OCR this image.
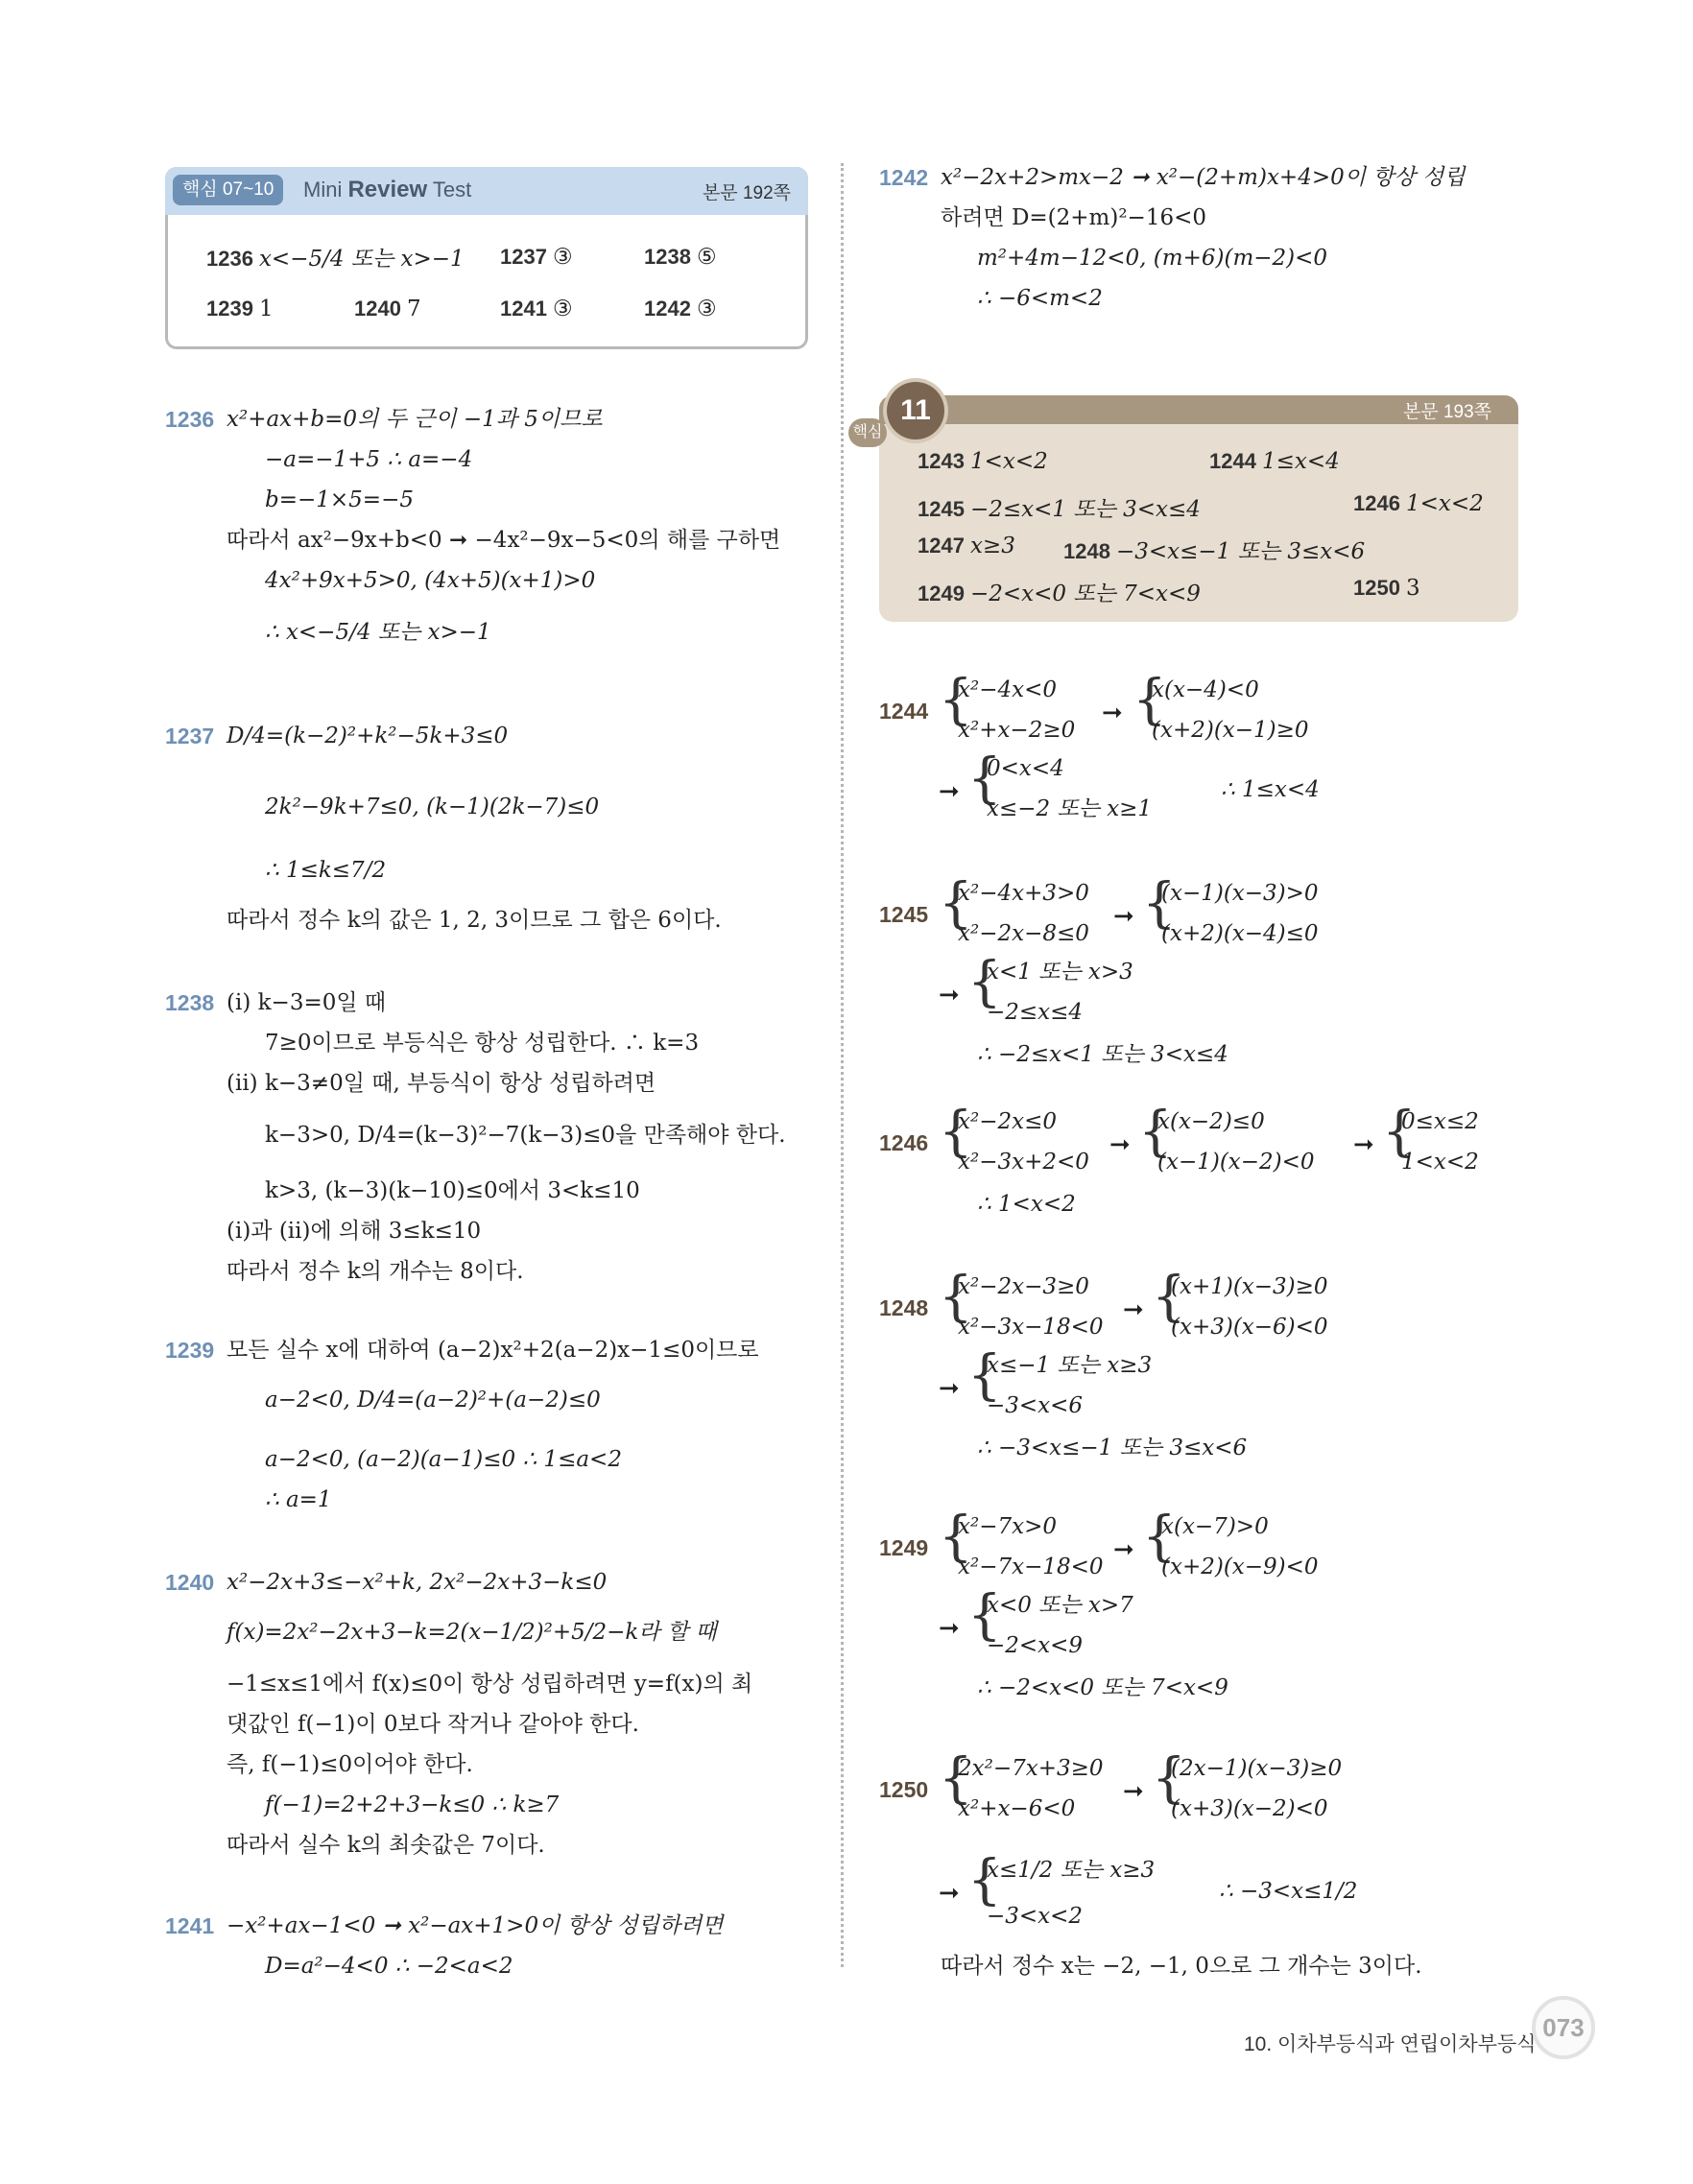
핵심 07~10	Mini Review Test	본문 192쪽
1236 x<−5/4 또는 x>−1 1237 ③	1238 ⑤
1239 1	1240 7	1241 ③	1242 ③
1236 x²+ax+b=0의 두 근이 −1과 5이므로
−a=−1+5 ∴ a=−4
b=−1×5=−5
따라서 ax²−9x+b<0 ➞ −4x²−9x−5<0의 해를 구하면
4x²+9x+5>0, (4x+5)(x+1)>0
∴ x<−5/4 또는 x>−1
1237 D/4=(k−2)²+k²−5k+3≤0
2k²−9k+7≤0, (k−1)(2k−7)≤0
∴ 1≤k≤7/2
따라서 정수 k의 값은 1, 2, 3이므로 그 합은 6이다.
1238 (i) k−3=0일 때
7≥0이므로 부등식은 항상 성립한다. ∴ k=3
(ii) k−3≠0일 때, 부등식이 항상 성립하려면
k−3>0, D/4=(k−3)²−7(k−3)≤0을 만족해야 한다.
k>3, (k−3)(k−10)≤0에서 3<k≤10
(i)과 (ii)에 의해 3≤k≤10
따라서 정수 k의 개수는 8이다.
1239 모든 실수 x에 대하여 (a−2)x²+2(a−2)x−1≤0이므로
a−2<0, D/4=(a−2)²+(a−2)≤0
a−2<0, (a−2)(a−1)≤0 ∴ 1≤a<2
∴ a=1
1240 x²−2x+3≤−x²+k, 2x²−2x+3−k≤0
f(x)=2x²−2x+3−k=2(x−1/2)²+5/2−k라 할 때
−1≤x≤1에서 f(x)≤0이 항상 성립하려면 y=f(x)의 최
댓값인 f(−1)이 0보다 작거나 같아야 한다.
즉, f(−1)≤0이어야 한다.
f(−1)=2+2+3−k≤0 ∴ k≥7
따라서 실수 k의 최솟값은 7이다.
1241 −x²+ax−1<0 ➞ x²−ax+1>0이 항상 성립하려면
D=a²−4<0 ∴ −2<a<2
1242 x²−2x+2>mx−2 ➞ x²−(2+m)x+4>0이 항상 성립
하려면 D=(2+m)²−16<0
m²+4m−12<0, (m+6)(m−2)<0
∴ −6<m<2
핵심
11	본문 193쪽
1243 1<x<2	1244 1≤x<4
1245 −2≤x<1 또는 3<x≤4	1246 1<x<2
1247 x≥3 1248 −3<x≤−1 또는 3≤x<6
1249 −2<x<0 또는 7<x<9	1250 3
1244 {
x²−4x<0
x²+x−2≥0
➞ {
x(x−4)<0
(x+2)(x−1)≥0
➞ {
0<x<4
x≤−2 또는 x≥1
∴ 1≤x<4
1245 {
x²−4x+3>0
x²−2x−8≤0
➞ {
(x−1)(x−3)>0
(x+2)(x−4)≤0
➞ {
x<1 또는 x>3
−2≤x≤4
∴ −2≤x<1 또는 3<x≤4
1246 {
x²−2x≤0
x²−3x+2<0
➞ {
x(x−2)≤0
(x−1)(x−2)<0
➞ {
0≤x≤2
1<x<2
∴ 1<x<2
1248 {
x²−2x−3≥0
x²−3x−18<0
➞ {
(x+1)(x−3)≥0
(x+3)(x−6)<0
➞ {
x≤−1 또는 x≥3
−3<x<6
∴ −3<x≤−1 또는 3≤x<6
1249 {
x²−7x>0
x²−7x−18<0
➞ {
x(x−7)>0
(x+2)(x−9)<0
➞ {
x<0 또는 x>7
−2<x<9
∴ −2<x<0 또는 7<x<9
1250 {
2x²−7x+3≥0
x²+x−6<0
➞ {
(2x−1)(x−3)≥0
(x+3)(x−2)<0
➞ {
x≤1/2 또는 x≥3
−3<x<2
∴ −3<x≤1/2
따라서 정수 x는 −2, −1, 0으로 그 개수는 3이다.
10. 이차부등식과 연립이차부등식
073
